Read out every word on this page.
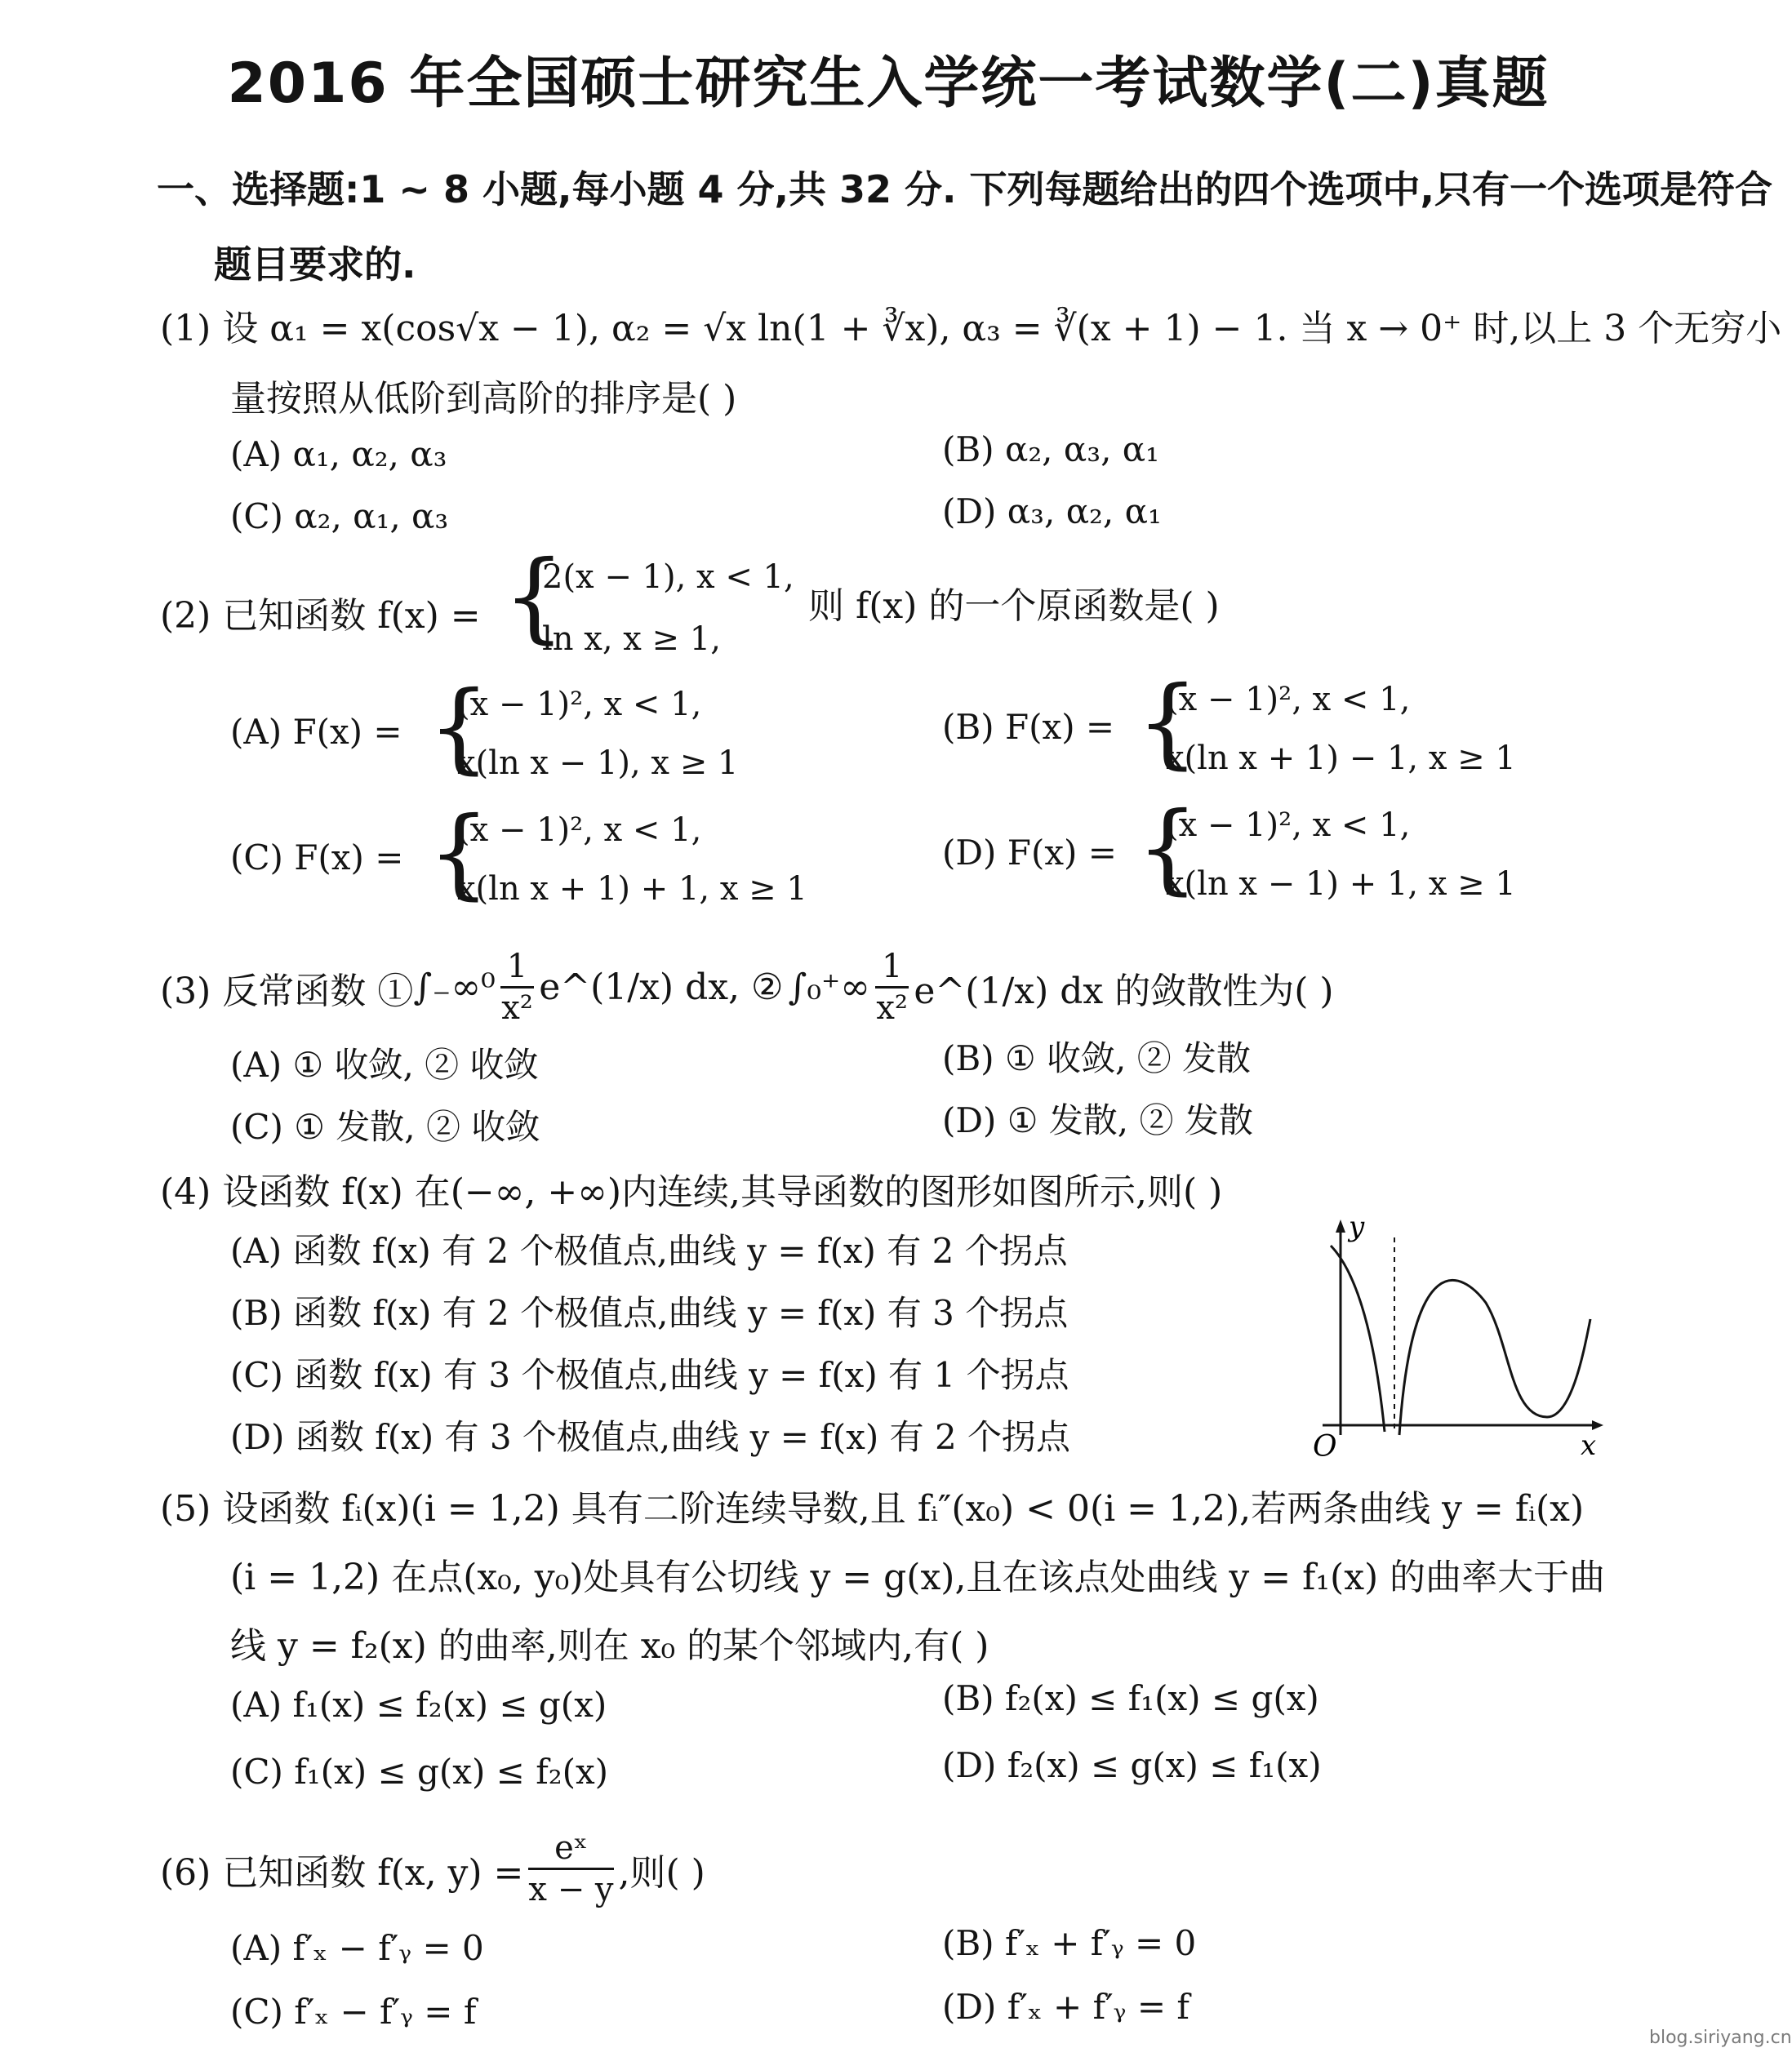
2016 年全国硕士研究生入学统一考试数学(二)真题
一、选择题:1 ~ 8 小题,每小题 4 分,共 32 分. 下列每题给出的四个选项中,只有一个选项是符合
题目要求的.
(1) 设 α₁ = x(cos√x − 1), α₂ = √x ln(1 + ∛x), α₃ = ∛(x + 1) − 1. 当 x → 0⁺ 时,以上 3 个无穷小
量按照从低阶到高阶的排序是( )
(A) α₁, α₂, α₃	(B) α₂, α₃, α₁
(C) α₂, α₁, α₃	(D) α₃, α₂, α₁
(2) 已知函数 f(x) = {
2(x − 1), x < 1,
ln x, x ≥ 1,
则 f(x) 的一个原函数是( )
(A) F(x) = {
(x − 1)², x < 1,
x(ln x − 1), x ≥ 1
(B) F(x) = {
(x − 1)², x < 1,
x(ln x + 1) − 1, x ≥ 1
(C) F(x) = {
(x − 1)², x < 1,
x(ln x + 1) + 1, x ≥ 1
(D) F(x) = {
(x − 1)², x < 1,
x(ln x − 1) + 1, x ≥ 1
(3) 反常函数 ① $\int_-\infty^0 \frac{1}{\text{x²}}$ e^(1/x) dx, ② $\int_0^+\infty \frac{1}{\text{x²}}$ e^(1/x) dx 的敛散性为( )
(A) ① 收敛, ② 收敛	(B) ① 收敛, ② 发散
(C) ① 发散, ② 收敛	(D) ① 发散, ② 发散
(4) 设函数 f(x) 在(−∞, +∞)内连续,其导函数的图形如图所示,则( )
(A) 函数 f(x) 有 2 个极值点,曲线 y = f(x) 有 2 个拐点
(B) 函数 f(x) 有 2 个极值点,曲线 y = f(x) 有 3 个拐点
(C) 函数 f(x) 有 3 个极值点,曲线 y = f(x) 有 1 个拐点
(D) 函数 f(x) 有 3 个极值点,曲线 y = f(x) 有 2 个拐点
y
x
O
(5) 设函数 fᵢ(x)(i = 1,2) 具有二阶连续导数,且 fᵢ″(x₀) < 0(i = 1,2),若两条曲线 y = fᵢ(x)
(i = 1,2) 在点(x₀, y₀)处具有公切线 y = g(x),且在该点处曲线 y = f₁(x) 的曲率大于曲
线 y = f₂(x) 的曲率,则在 x₀ 的某个邻域内,有( )
(A) f₁(x) ≤ f₂(x) ≤ g(x)	(B) f₂(x) ≤ f₁(x) ≤ g(x)
(C) f₁(x) ≤ g(x) ≤ f₂(x)	(D) f₂(x) ≤ g(x) ≤ f₁(x)
(6) 已知函数 f(x, $y) = \frac{\text{eˣ}}{x - y}$ ,则( )
(A) f′ₓ − f′ᵧ = 0	(B) f′ₓ + f′ᵧ = 0
(C) f′ₓ − f′ᵧ = f	(D) f′ₓ + f′ᵧ = f
blog.siriyang.cn
